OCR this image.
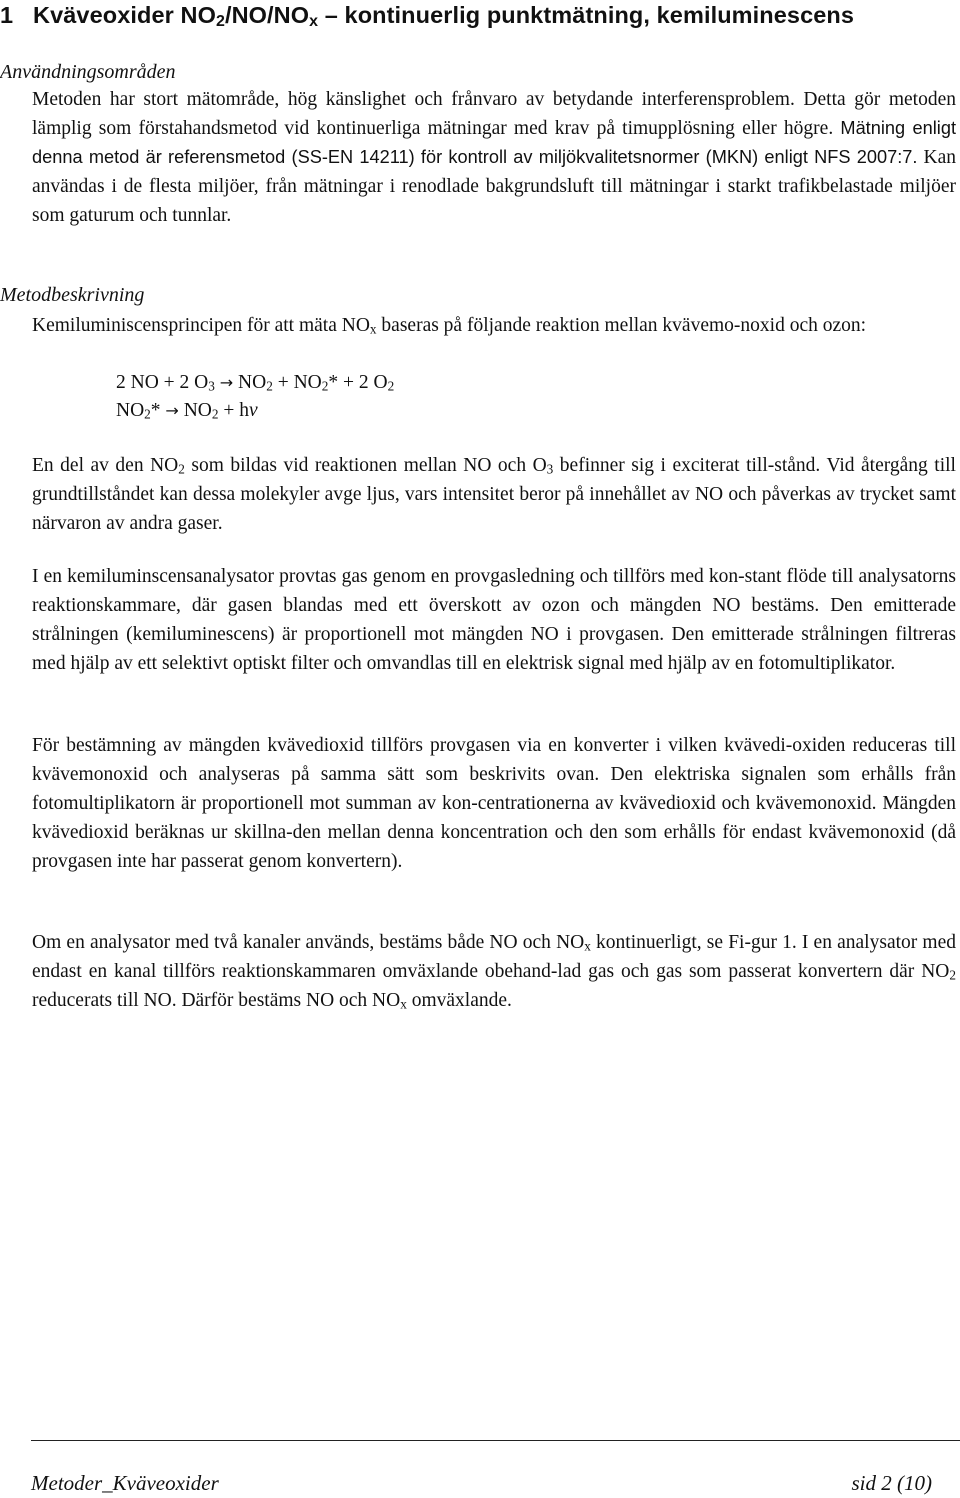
1 Kväveoxider $NO_2/NO/NO_x$ – kontinuerlig punktmätning, kemiluminescens
Användningsområden
Metoden har stort mätområde, hög känslighet och frånvaro av betydande interferensproblem. Detta gör metoden lämplig som förstahandsmetod vid kontinuerliga mätningar med krav på timupplösning eller högre. Mätning enligt denna metod är referensmetod (SS-EN 14211) för kontroll av miljökvalitetsnormer (MKN) enligt NFS 2007:7. Kan användas i de flesta miljöer, från mätningar i renodlade bakgrundsluft till mätningar i starkt trafikbelastade miljöer som gaturum och tunnlar.
Metodbeskrivning
Kemiluminiscensprincipen för att mäta $NO_x$ baseras på följande reaktion mellan kvävemo-noxid och ozon:
2 NO + 2 $O_3 \to NO_2 + NO_2* + 2$ $O_2$
$NO_2* \to NO_2 + h\nu$
En del av den $NO_2$ som bildas vid reaktionen mellan NO och $O_3$ befinner sig i exciterat till-stånd. Vid återgång till grundtillståndet kan dessa molekyler avge ljus, vars intensitet beror på innehållet av NO och påverkas av trycket samt närvaron av andra gaser.
I en kemiluminscensanalysator provtas gas genom en provgasledning och tillförs med kon-stant flöde till analysatorns reaktionskammare, där gasen blandas med ett överskott av ozon och mängden NO bestäms. Den emitterade strålningen (kemiluminescens) är proportionell mot mängden NO i provgasen. Den emitterade strålningen filtreras med hjälp av ett selektivt optiskt filter och omvandlas till en elektrisk signal med hjälp av en fotomultiplikator.
För bestämning av mängden kvävedioxid tillförs provgasen via en konverter i vilken kvävedi-oxiden reduceras till kvävemonoxid och analyseras på samma sätt som beskrivits ovan. Den elektriska signalen som erhålls från fotomultiplikatorn är proportionell mot summan av kon-centrationerna av kvävedioxid och kvävemonoxid. Mängden kvävedioxid beräknas ur skillna-den mellan denna koncentration och den som erhålls för endast kvävemonoxid (då provgasen inte har passerat genom konvertern).
Om en analysator med två kanaler används, bestäms både NO och $NO_x$ kontinuerligt, se Fi-gur 1. I en analysator med endast en kanal tillförs reaktionskammaren omväxlande obehand-lad gas och gas som passerat konvertern där $NO_2$ reducerats till NO. Därför bestäms NO och $NO_x$ omväxlande.
Metoder_Kväveoxider	sid 2 (10)
